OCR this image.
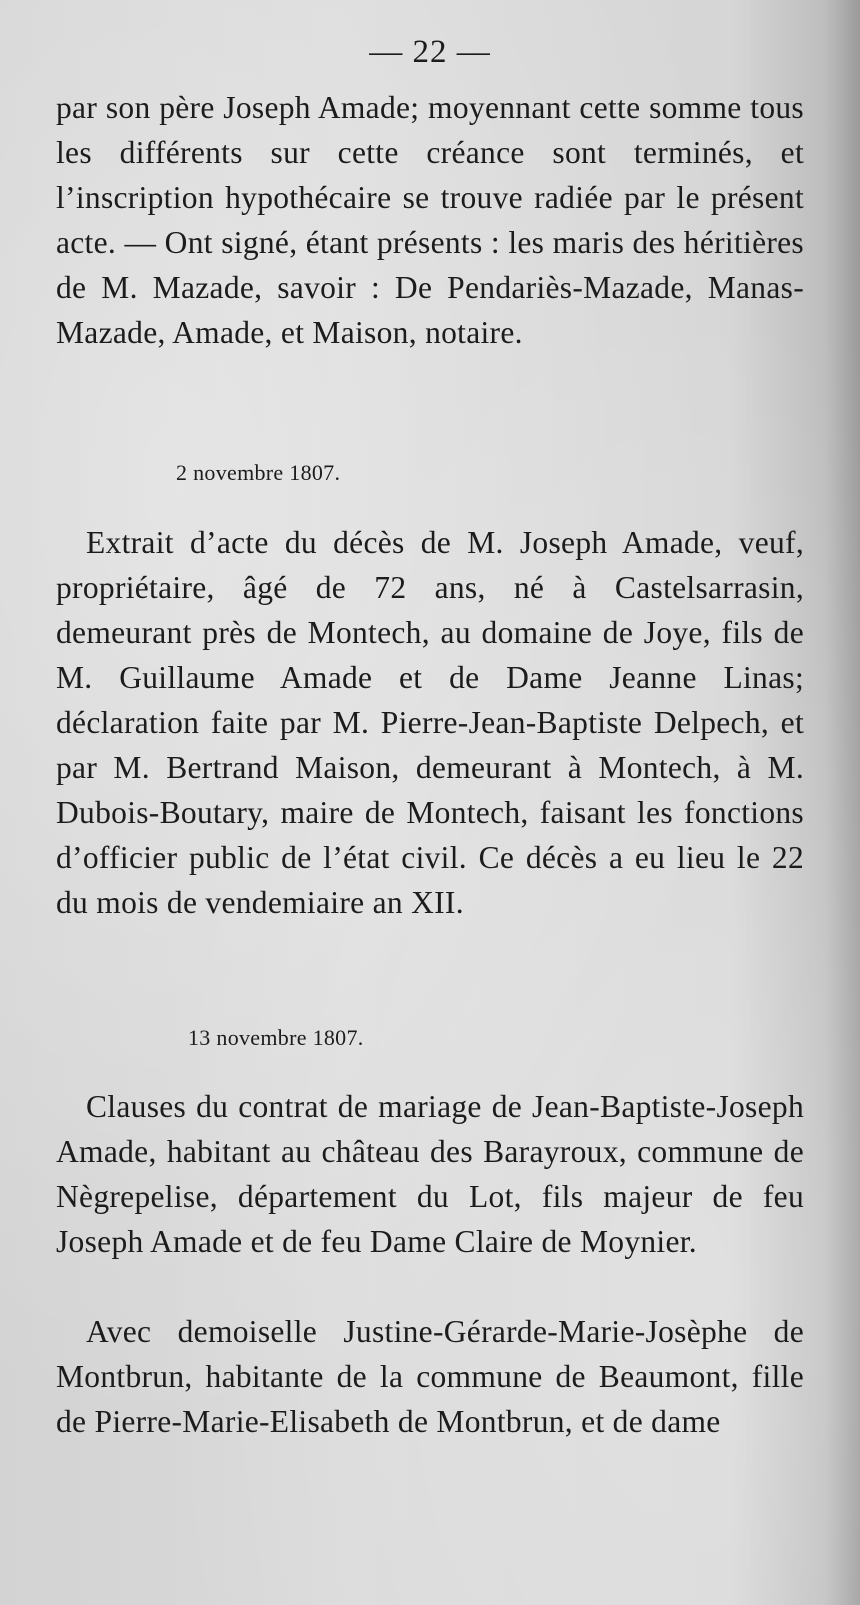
— 22 —

par son père Joseph Amade; moyennant cette somme tous les différents sur cette créance sont terminés, et l’inscription hypothécaire se trouve radiée par le présent acte. — Ont signé, étant présents : les maris des héritières de M. Mazade, savoir : De Pendariès-Mazade, Manas-Mazade, Amade, et Maison, notaire.

2 novembre 1807.

Extrait d’acte du décès de M. Joseph Amade, veuf, propriétaire, âgé de 72 ans, né à Castelsarrasin, demeurant près de Montech, au domaine de Joye, fils de M. Guillaume Amade et de Dame Jeanne Linas; déclaration faite par M. Pierre-Jean-Baptiste Delpech, et par M. Bertrand Maison, demeurant à Montech, à M. Dubois-Boutary, maire de Montech, faisant les fonctions d’officier public de l’état civil. Ce décès a eu lieu le 22 du mois de vendemiaire an XII.

13 novembre 1807.

Clauses du contrat de mariage de Jean-Baptiste-Joseph Amade, habitant au château des Barayroux, commune de Nègrepelise, département du Lot, fils majeur de feu Joseph Amade et de feu Dame Claire de Moynier.

Avec demoiselle Justine-Gérarde-Marie-Josèphe de Montbrun, habitante de la commune de Beaumont, fille de Pierre-Marie-Elisabeth de Montbrun, et de dame
